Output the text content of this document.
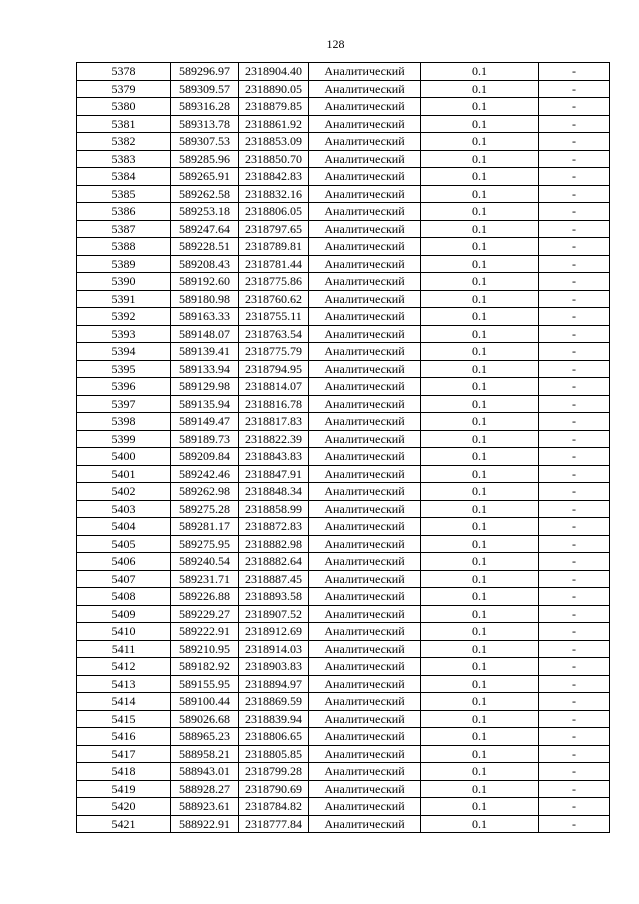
128
5378	589296.97	2318904.40	Аналитический	0.1	-
5379	589309.57	2318890.05	Аналитический	0.1	-
5380	589316.28	2318879.85	Аналитический	0.1	-
5381	589313.78	2318861.92	Аналитический	0.1	-
5382	589307.53	2318853.09	Аналитический	0.1	-
5383	589285.96	2318850.70	Аналитический	0.1	-
5384	589265.91	2318842.83	Аналитический	0.1	-
5385	589262.58	2318832.16	Аналитический	0.1	-
5386	589253.18	2318806.05	Аналитический	0.1	-
5387	589247.64	2318797.65	Аналитический	0.1	-
5388	589228.51	2318789.81	Аналитический	0.1	-
5389	589208.43	2318781.44	Аналитический	0.1	-
5390	589192.60	2318775.86	Аналитический	0.1	-
5391	589180.98	2318760.62	Аналитический	0.1	-
5392	589163.33	2318755.11	Аналитический	0.1	-
5393	589148.07	2318763.54	Аналитический	0.1	-
5394	589139.41	2318775.79	Аналитический	0.1	-
5395	589133.94	2318794.95	Аналитический	0.1	-
5396	589129.98	2318814.07	Аналитический	0.1	-
5397	589135.94	2318816.78	Аналитический	0.1	-
5398	589149.47	2318817.83	Аналитический	0.1	-
5399	589189.73	2318822.39	Аналитический	0.1	-
5400	589209.84	2318843.83	Аналитический	0.1	-
5401	589242.46	2318847.91	Аналитический	0.1	-
5402	589262.98	2318848.34	Аналитический	0.1	-
5403	589275.28	2318858.99	Аналитический	0.1	-
5404	589281.17	2318872.83	Аналитический	0.1	-
5405	589275.95	2318882.98	Аналитический	0.1	-
5406	589240.54	2318882.64	Аналитический	0.1	-
5407	589231.71	2318887.45	Аналитический	0.1	-
5408	589226.88	2318893.58	Аналитический	0.1	-
5409	589229.27	2318907.52	Аналитический	0.1	-
5410	589222.91	2318912.69	Аналитический	0.1	-
5411	589210.95	2318914.03	Аналитический	0.1	-
5412	589182.92	2318903.83	Аналитический	0.1	-
5413	589155.95	2318894.97	Аналитический	0.1	-
5414	589100.44	2318869.59	Аналитический	0.1	-
5415	589026.68	2318839.94	Аналитический	0.1	-
5416	588965.23	2318806.65	Аналитический	0.1	-
5417	588958.21	2318805.85	Аналитический	0.1	-
5418	588943.01	2318799.28	Аналитический	0.1	-
5419	588928.27	2318790.69	Аналитический	0.1	-
5420	588923.61	2318784.82	Аналитический	0.1	-
5421	588922.91	2318777.84	Аналитический	0.1	-
